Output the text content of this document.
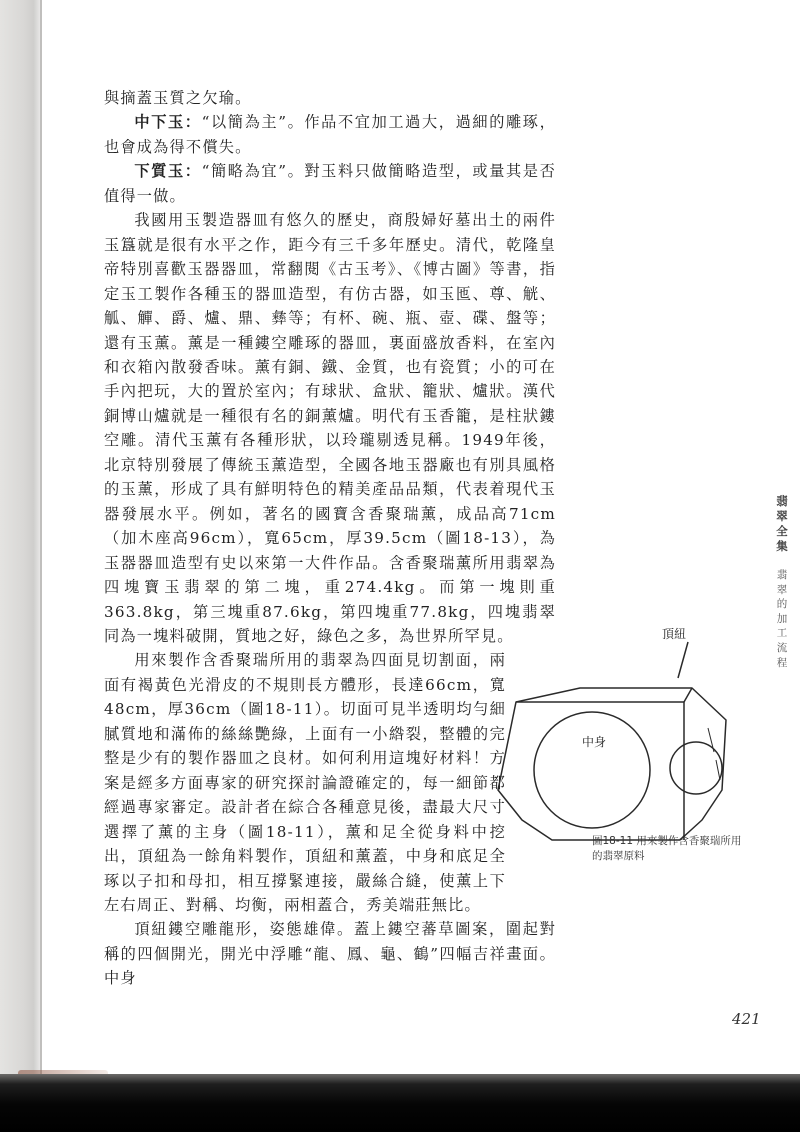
與摘蓋玉質之欠瑜。

中下玉：“以簡為主”。作品不宜加工過大，過細的雕琢，也會成為得不償失。

下質玉：“簡略為宜”。對玉料只做簡略造型，或量其是否值得一做。

我國用玉製造器皿有悠久的歷史，商殷婦好墓出土的兩件玉簋就是很有水平之作，距今有三千多年歷史。清代，乾隆皇帝特別喜歡玉器器皿，常翻閱《古玉考》、《博古圖》等書，指定玉工製作各種玉的器皿造型，有仿古器，如玉匜、尊、觥、觚、觶、爵、爐、鼎、彝等；有杯、碗、瓶、壺、碟、盤等；還有玉薰。薰是一種鏤空雕琢的器皿，裏面盛放香料，在室內和衣箱內散發香味。薰有銅、鐵、金質，也有瓷質；小的可在手內把玩，大的置於室內；有球狀、盒狀、籠狀、爐狀。漢代銅博山爐就是一種很有名的銅薰爐。明代有玉香籠，是柱狀鏤空雕。清代玉薰有各種形狀，以玲瓏剔透見稱。1949年後，北京特別發展了傳統玉薰造型，全國各地玉器廠也有別具風格的玉薰，形成了具有鮮明特色的精美產品品類，代表着現代玉器發展水平。例如，著名的國寶含香聚瑞薰，成品高71cm（加木座高96cm），寬65cm，厚39.5cm（圖18-13），為玉器器皿造型有史以來第一大件作品。含香聚瑞薰所用翡翠為四塊寶玉翡翠的第二塊，重274.4kg。而第一塊則重363.8kg，第三塊重87.6kg，第四塊重77.8kg，四塊翡翠同為一塊料破開，質地之好，綠色之多，為世界所罕見。

用來製作含香聚瑞所用的翡翠為四面見切割面，兩面有褐黃色光滑皮的不規則長方體形，長達66cm，寬48cm，厚36cm（圖18-11）。切面可見半透明均勻細膩質地和滿佈的絲絲艷綠，上面有一小綹裂，整體的完整是少有的製作器皿之良材。如何利用這塊好材料！方案是經多方面專家的研究探討論證確定的，每一細節都經過專家審定。設計者在綜合各種意見後，盡最大尺寸選擇了薰的主身（圖18-11），薰和足全從身料中挖出，頂紐為一餘角料製作，頂紐和薰蓋，中身和底足全琢以子扣和母扣，相互撐緊連接，嚴絲合縫，使薰上下左右周正、對稱、均衡，兩相蓋合，秀美端莊無比。

頂紐鏤空雕龍形，姿態雄偉。蓋上鏤空蕃草圖案，圍起對稱的四個開光，開光中浮雕“龍、鳳、龜、鶴”四幅吉祥畫面。中身

頂紐
中身
圖18-11 用來製作含香聚瑞所用的翡翠原料
翡翠全集
翡翠的加工流程
421
